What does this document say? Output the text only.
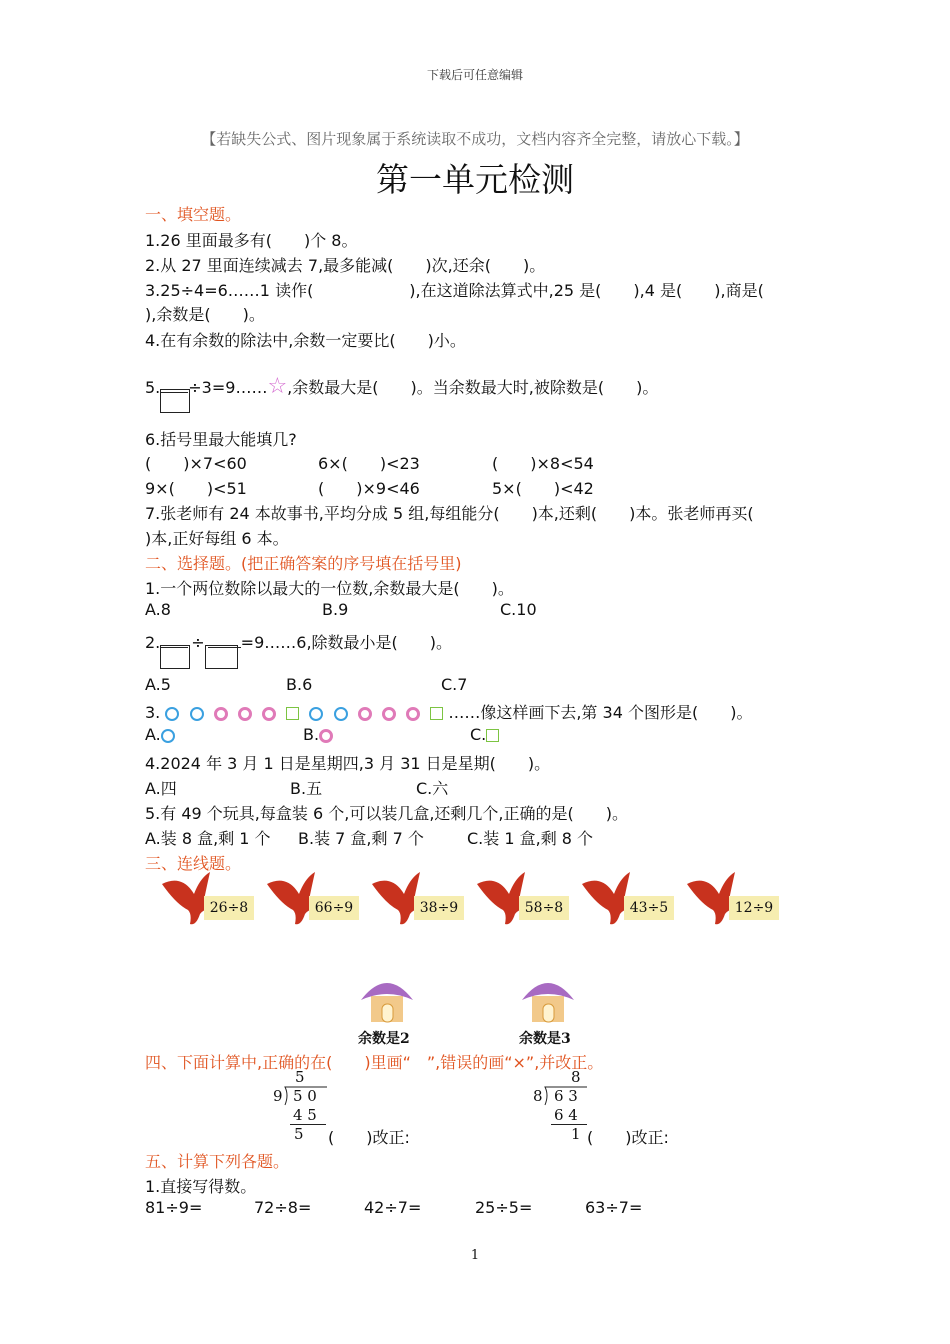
下载后可任意编辑
【若缺失公式、图片现象属于系统读取不成功，文档内容齐全完整，请放心下载。】
第一单元检测
一、填空题。
1.26 里面最多有(　　)个 8。
2.从 27 里面连续减去 7,最多能减(　　)次,还余(　　)。
3.25÷4=6……1 读作(　　　　　　),在这道除法算式中,25 是(　　),4 是(　　),商是(
),余数是(　　)。
4.在有余数的除法中,余数一定要比(　　)小。
5. ÷3=9……☆,余数最大是(　　)。当余数最大时,被除数是(　　)。
6.括号里最大能填几?
(　　)×7<60	6×(　　)<23	(　　)×8<54
9×(　　)<51	(　　)×9<46	5×(　　)<42
7.张老师有 24 本故事书,平均分成 5 组,每组能分(　　)本,还剩(　　)本。张老师再买(
)本,正好每组 6 本。
二、选择题。(把正确答案的序号填在括号里)
1.一个两位数除以最大的一位数,余数最大是(　　)。
A.8	B.9	C.10
2. ÷ =9……6,除数最小是(　　)。
A.5	B.6	C.7
3.	……像这样画下去,第 34 个图形是(　　)。
A.	B.	C.
4.2024 年 3 月 1 日是星期四,3 月 31 日是星期(　　)。
A.四	B.五	C.六
5.有 49 个玩具,每盒装 6 个,可以装几盒,还剩几个,正确的是(　　)。
A.装 8 盒,剩 1 个 B.装 7 盒,剩 7 个	C.装 1 盒,剩 8 个
三、连线题。
26÷8	66÷9	38÷9	58÷8	43÷5	12÷9
余数是2	余数是3
四、下面计算中,正确的在(　　)里画“　”,错误的画“×”,并改正。
5
9 5 0
4 5
5 (　　)改正:
8
8 6 3
6 4
1 (　　)改正:
五、计算下列各题。
1.直接写得数。
81÷9=	72÷8=	42÷7=	25÷5=	63÷7=
1
